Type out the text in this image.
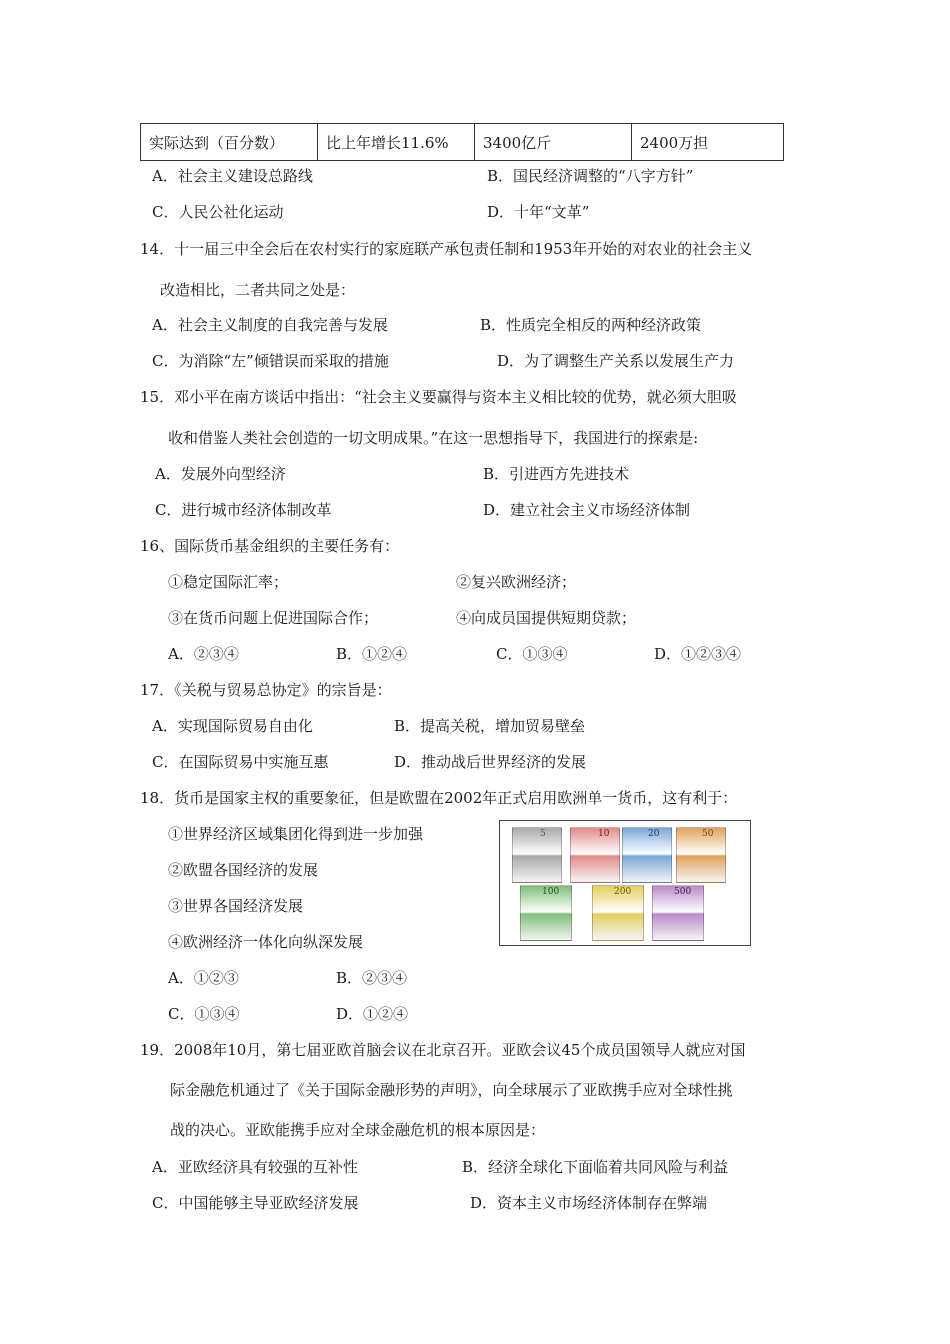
实际达到（百分数）	比上年增长11.6%	3400亿斤	2400万担
A．社会主义建设总路线	B．国民经济调整的“八字方针”
C．人民公社化运动	D．十年“文革”
14．十一届三中全会后在农村实行的家庭联产承包责任制和1953年开始的对农业的社会主义
改造相比，二者共同之处是：
A．社会主义制度的自我完善与发展	B．性质完全相反的两种经济政策
C．为消除“左”倾错误而采取的措施	D．为了调整生产关系以发展生产力
15．邓小平在南方谈话中指出：“社会主义要赢得与资本主义相比较的优势，就必须大胆吸
收和借鉴人类社会创造的一切文明成果。”在这一思想指导下，我国进行的探索是:
A．发展外向型经济	B．引进西方先进技术
C．进行城市经济体制改革	D．建立社会主义市场经济体制
16、国际货币基金组织的主要任务有：
①稳定国际汇率；	②复兴欧洲经济；
③在货币问题上促进国际合作；	④向成员国提供短期贷款；
A．②③④	B．①②④	C．①③④	D．①②③④
17．《关税与贸易总协定》的宗旨是：
A．实现国际贸易自由化	B．提高关税，增加贸易壁垒
C．在国际贸易中实施互惠	D．推动战后世界经济的发展
18．货币是国家主权的重要象征，但是欧盟在2002年正式启用欧洲单一货币，这有利于：
①世界经济区域集团化得到进一步加强
②欧盟各国经济的发展
③世界各国经济发展
④欧洲经济一体化向纵深发展
A．①②③	B．②③④
C．①③④	D．①②④
5	10	20	50
100	200	500
19．2008年10月，第七届亚欧首脑会议在北京召开。亚欧会议45个成员国领导人就应对国
际金融危机通过了《关于国际金融形势的声明》，向全球展示了亚欧携手应对全球性挑
战的决心。亚欧能携手应对全球金融危机的根本原因是：
A．亚欧经济具有较强的互补性	B．经济全球化下面临着共同风险与利益
C．中国能够主导亚欧经济发展	D．资本主义市场经济体制存在弊端
